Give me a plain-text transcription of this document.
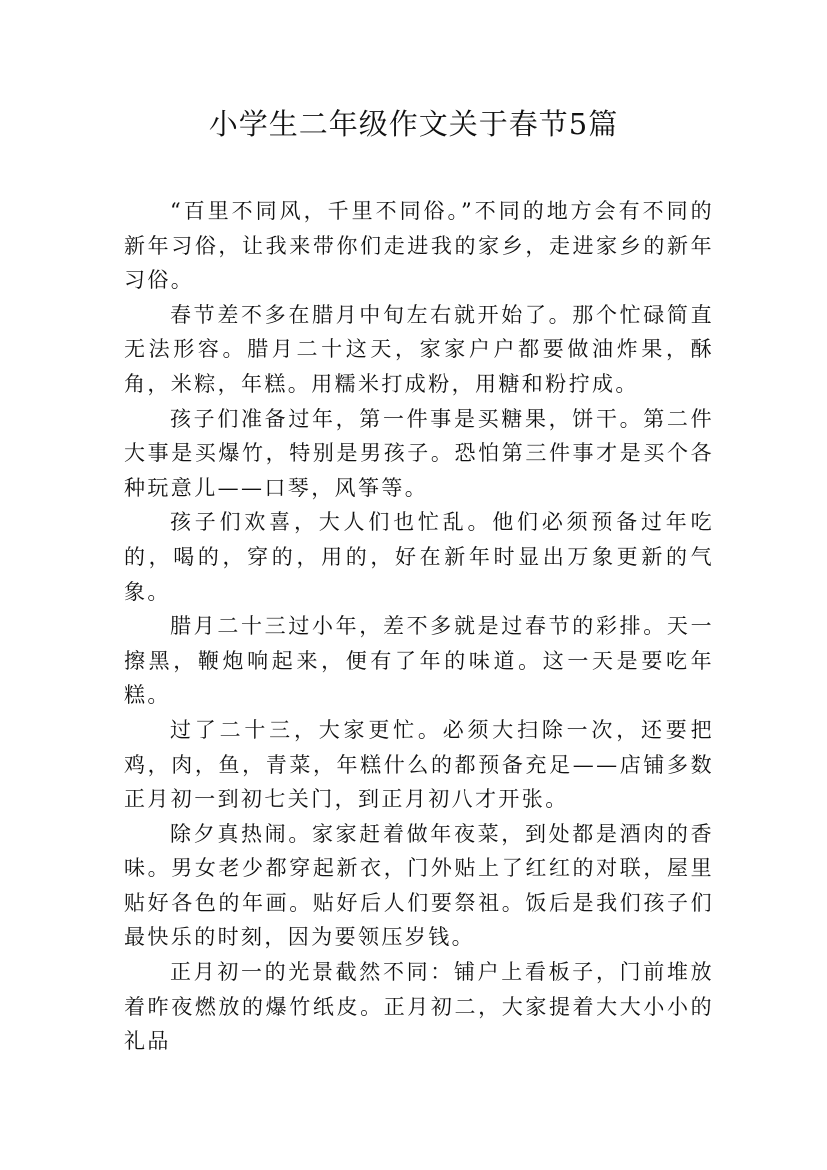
小学生二年级作文关于春节5篇

“百里不同风，千里不同俗。”不同的地方会有不同的新年习俗，让我来带你们走进我的家乡，走进家乡的新年习俗。

春节差不多在腊月中旬左右就开始了。那个忙碌简直无法形容。腊月二十这天，家家户户都要做油炸果，酥角，米粽，年糕。用糯米打成粉，用糖和粉拧成。

孩子们准备过年，第一件事是买糖果，饼干。第二件大事是买爆竹，特别是男孩子。恐怕第三件事才是买个各种玩意儿——口琴，风筝等。

孩子们欢喜，大人们也忙乱。他们必须预备过年吃的，喝的，穿的，用的，好在新年时显出万象更新的气象。

腊月二十三过小年，差不多就是过春节的彩排。天一擦黑，鞭炮响起来，便有了年的味道。这一天是要吃年糕。

过了二十三，大家更忙。必须大扫除一次，还要把鸡，肉，鱼，青菜，年糕什么的都预备充足——店铺多数正月初一到初七关门，到正月初八才开张。

除夕真热闹。家家赶着做年夜菜，到处都是酒肉的香味。男女老少都穿起新衣，门外贴上了红红的对联，屋里贴好各色的年画。贴好后人们要祭祖。饭后是我们孩子们最快乐的时刻，因为要领压岁钱。

正月初一的光景截然不同：铺户上看板子，门前堆放着昨夜燃放的爆竹纸皮。正月初二，大家提着大大小小的礼品
